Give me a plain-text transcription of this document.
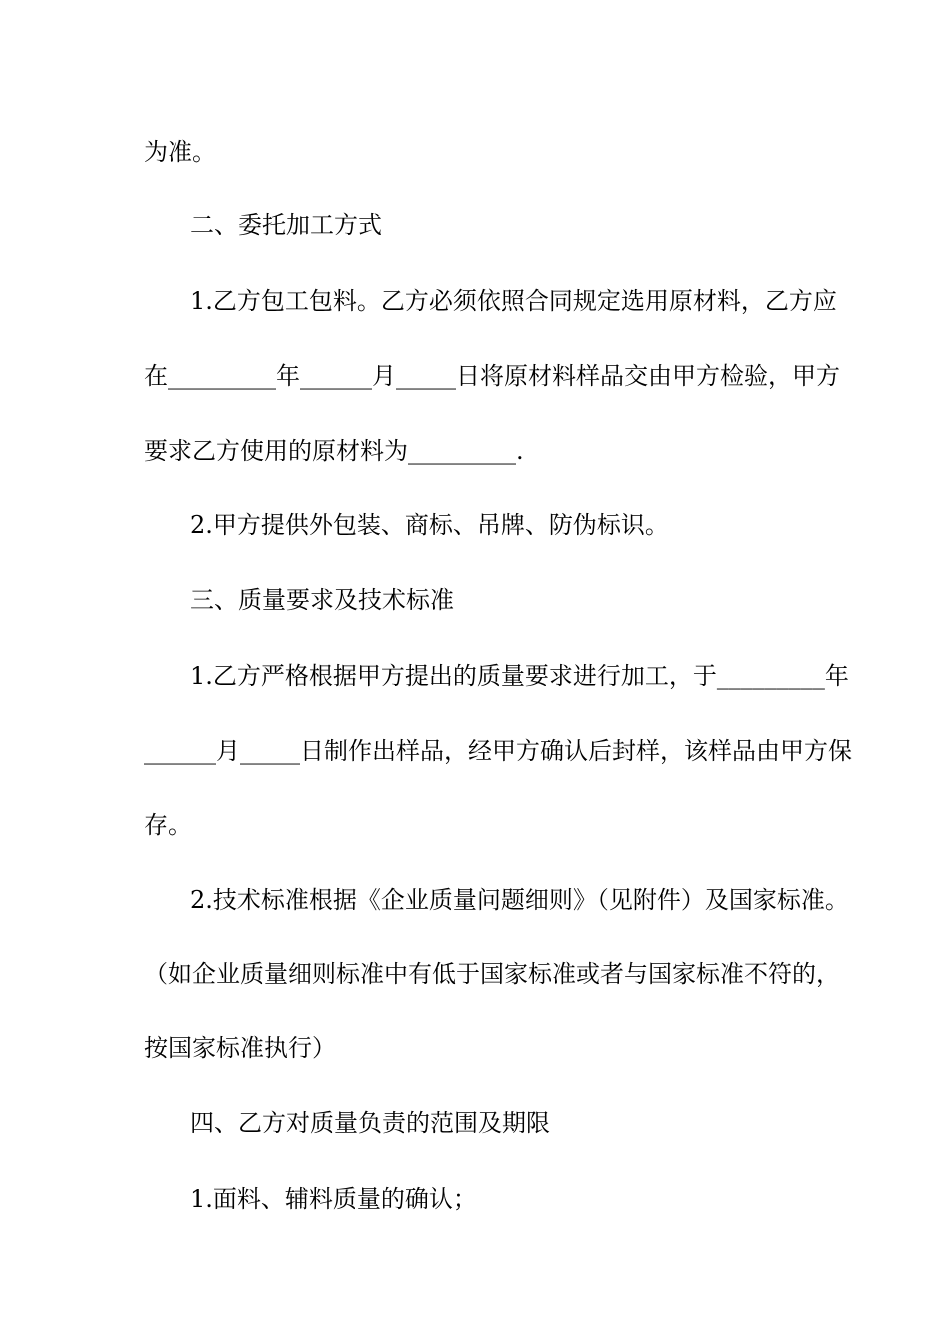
为准。
二、委托加工方式
1.乙方包工包料。乙方必须依照合同规定选用原材料，乙方应
在_________年______月_____日将原材料样品交由甲方检验，甲方
要求乙方使用的原材料为_________.
2.甲方提供外包装、商标、吊牌、防伪标识。
三、质量要求及技术标准
1.乙方严格根据甲方提出的质量要求进行加工，于_________年
______月_____日制作出样品，经甲方确认后封样，该样品由甲方保
存。
2.技术标准根据《企业质量问题细则》（见附件）及国家标准。
（如企业质量细则标准中有低于国家标准或者与国家标准不符的，
按国家标准执行）
四、乙方对质量负责的范围及期限
1.面料、辅料质量的确认；
